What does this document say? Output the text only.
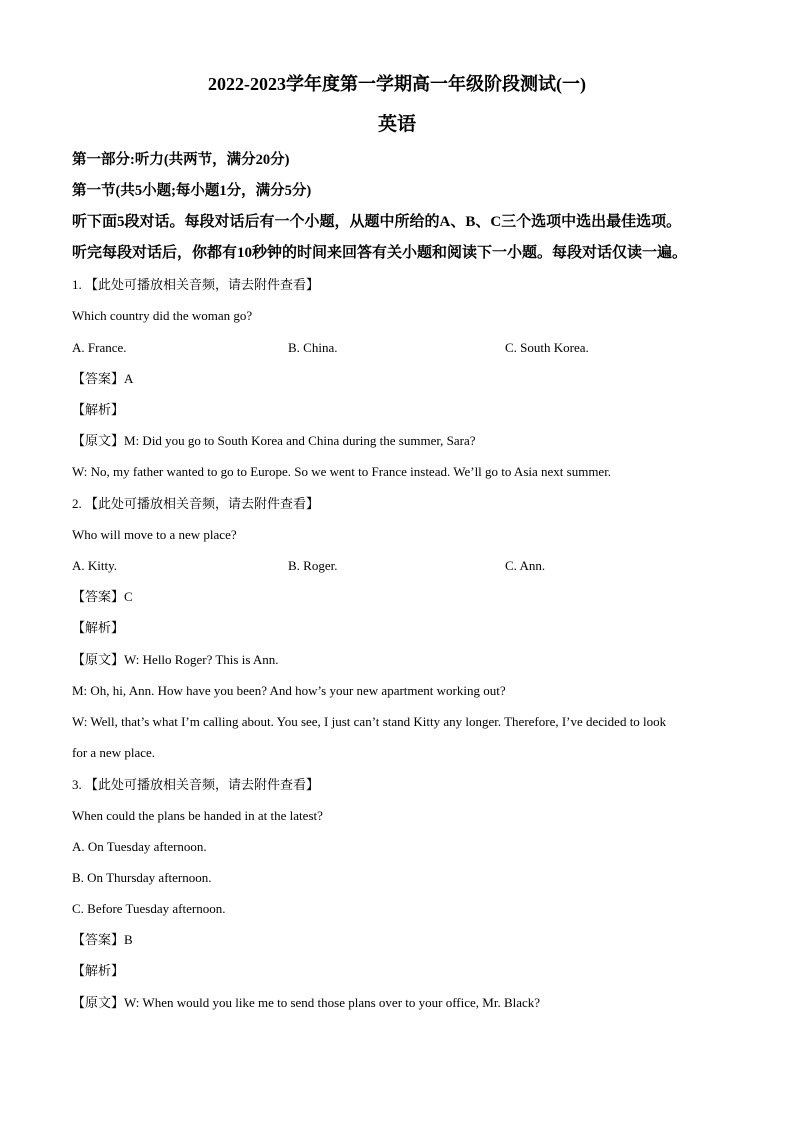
2022-2023学年度第一学期高一年级阶段测试(一)
英语
第一部分:听力(共两节，满分20分)
第一节(共5小题;每小题1分，满分5分)
听下面5段对话。每段对话后有一个小题，从题中所给的A、B、C三个选项中选出最佳选项。
听完每段对话后，你都有10秒钟的时间来回答有关小题和阅读下一小题。每段对话仅读一遍。
1. 【此处可播放相关音频，请去附件查看】
Which country did the woman go?
A. France.	B. China.	C. South Korea.
【答案】A
【解析】
【原文】M: Did you go to South Korea and China during the summer, Sara?
W: No, my father wanted to go to Europe. So we went to France instead. We’ll go to Asia next summer.
2. 【此处可播放相关音频，请去附件查看】
Who will move to a new place?
A. Kitty.	B. Roger.	C. Ann.
【答案】C
【解析】
【原文】W: Hello Roger? This is Ann.
M: Oh, hi, Ann. How have you been? And how’s your new apartment working out?
W: Well, that’s what I’m calling about. You see, I just can’t stand Kitty any longer. Therefore, I’ve decided to look
for a new place.
3. 【此处可播放相关音频，请去附件查看】
When could the plans be handed in at the latest?
A. On Tuesday afternoon.
B. On Thursday afternoon.
C. Before Tuesday afternoon.
【答案】B
【解析】
【原文】W: When would you like me to send those plans over to your office, Mr. Black?
